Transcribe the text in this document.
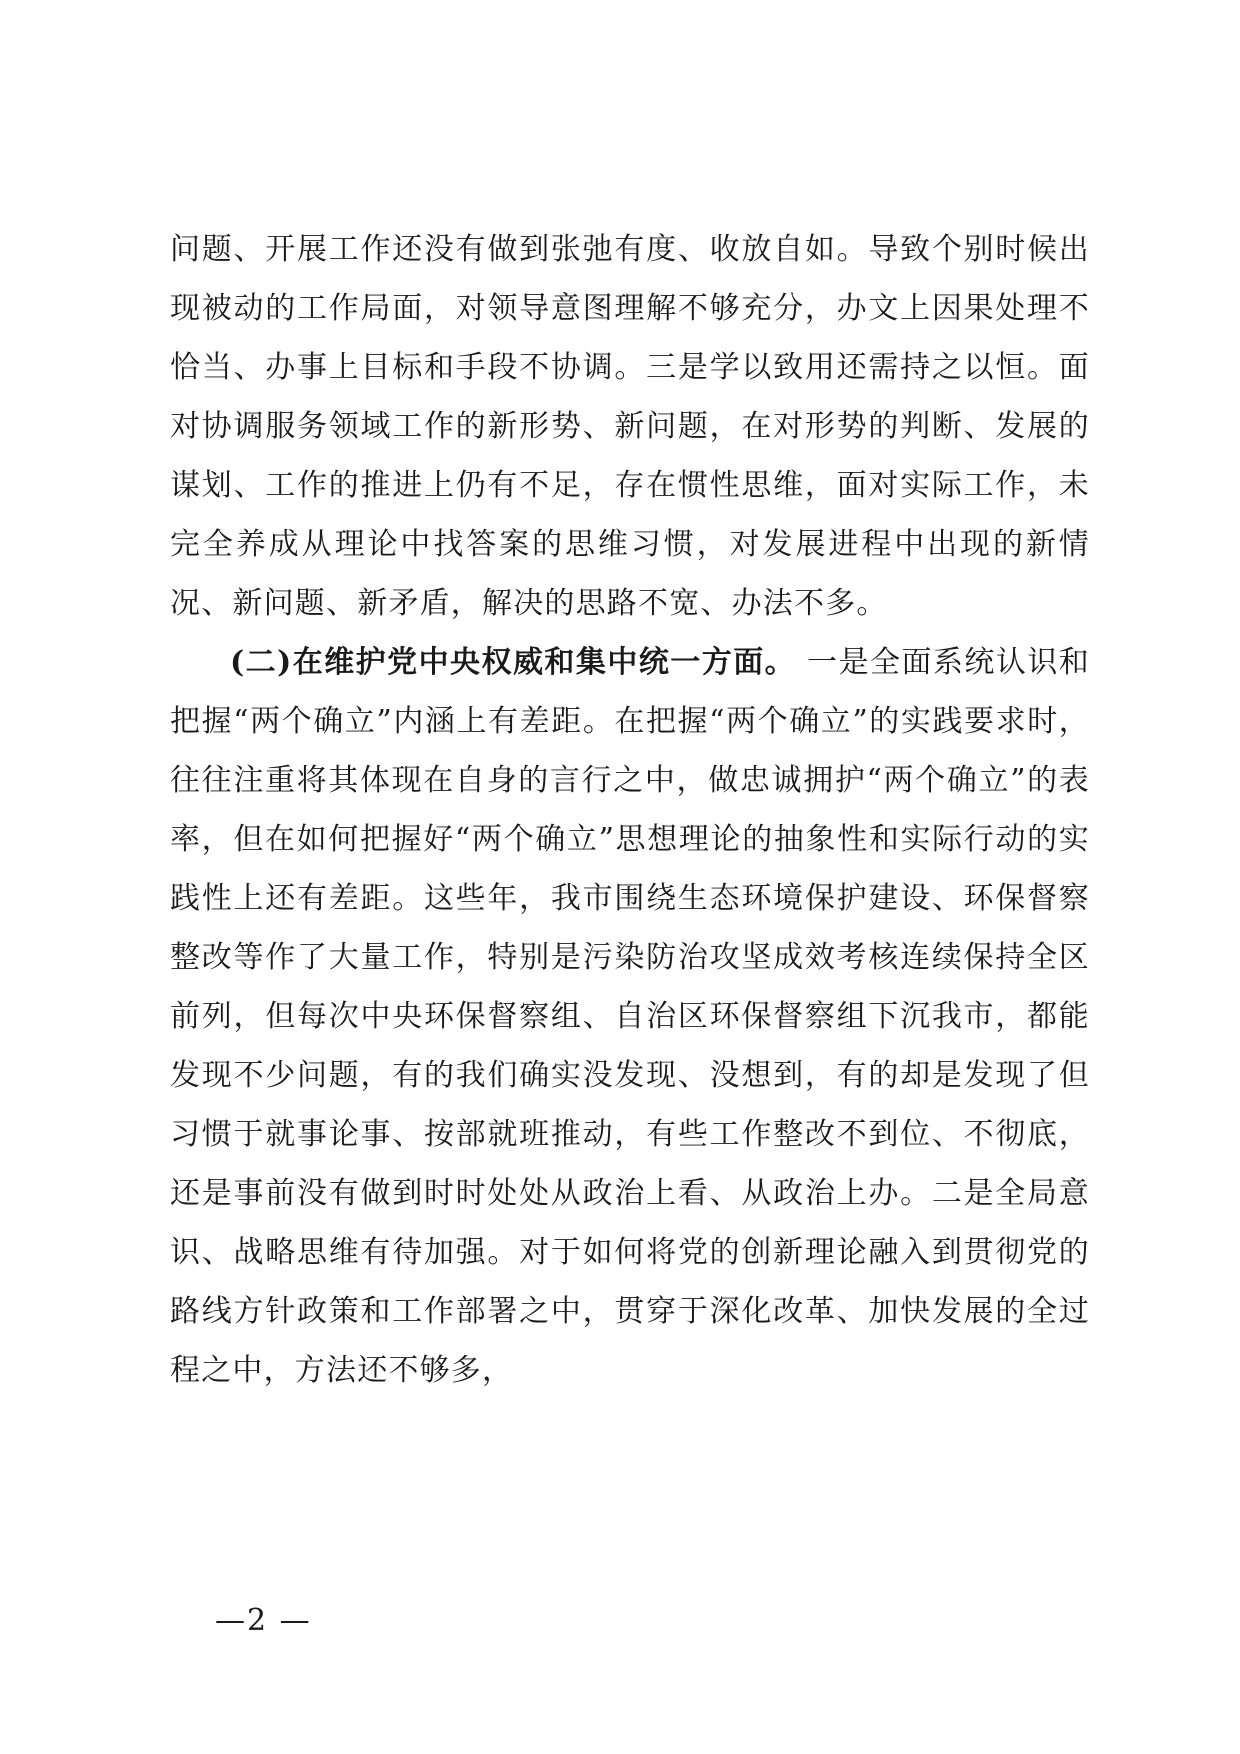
问题、开展工作还没有做到张弛有度、收放自如。导致个别时候出现被动的工作局面，对领导意图理解不够充分，办文上因果处理不恰当、办事上目标和手段不协调。三是学以致用还需持之以恒。面对协调服务领域工作的新形势、新问题，在对形势的判断、发展的谋划、工作的推进上仍有不足，存在惯性思维，面对实际工作，未完全养成从理论中找答案的思维习惯，对发展进程中出现的新情况、新问题、新矛盾，解决的思路不宽、办法不多。

(二)在维护党中央权威和集中统一方面。 一是全面系统认识和把握“两个确立”内涵上有差距。在把握“两个确立”的实践要求时，往往注重将其体现在自身的言行之中，做忠诚拥护“两个确立”的表率，但在如何把握好“两个确立”思想理论的抽象性和实际行动的实践性上还有差距。这些年，我市围绕生态环境保护建设、环保督察整改等作了大量工作，特别是污染防治攻坚成效考核连续保持全区前列，但每次中央环保督察组、自治区环保督察组下沉我市，都能发现不少问题，有的我们确实没发现、没想到，有的却是发现了但习惯于就事论事、按部就班推动，有些工作整改不到位、不彻底，还是事前没有做到时时处处从政治上看、从政治上办。二是全局意识、战略思维有待加强。对于如何将党的创新理论融入到贯彻党的路线方针政策和工作部署之中，贯穿于深化改革、加快发展的全过程之中，方法还不够多，

—2 —
